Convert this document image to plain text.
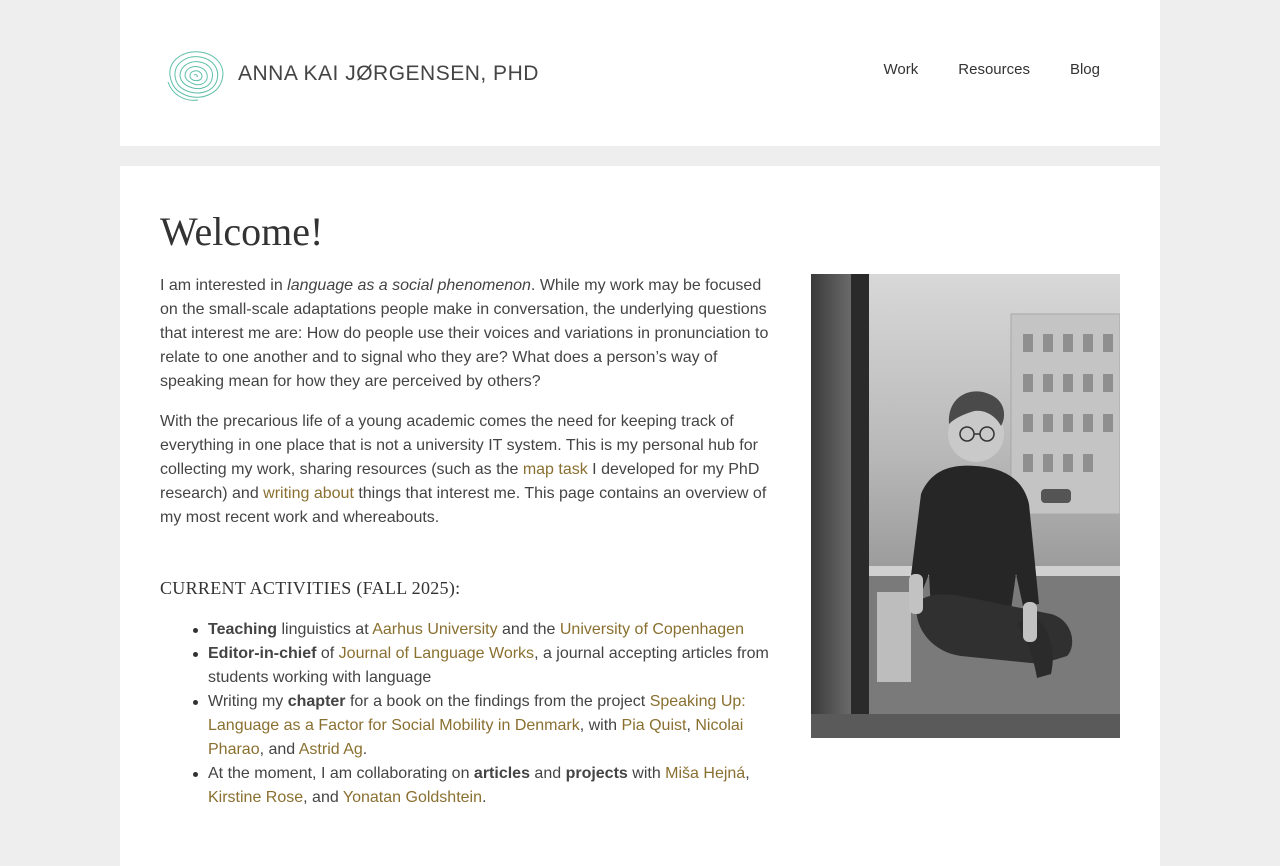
ANNA KAI JØRGENSEN, PHD	Work	Resources	Blog
Welcome!

I am interested in language as a social phenomenon. While my work may be focused on the small-scale adaptations people make in conversation, the underlying questions that interest me are: How do people use their voices and variations in pronunciation to relate to one another and to signal who they are? What does a person’s way of speaking mean for how they are perceived by others?

With the precarious life of a young academic comes the need for keeping track of everything in one place that is not a university IT system. This is my personal hub for collecting my work, sharing resources (such as the map task I developed for my PhD research) and writing about things that interest me. This page contains an overview of my most recent work and whereabouts.

CURRENT ACTIVITIES (FALL 2025):
Teaching linguistics at Aarhus University and the University of Copenhagen
Editor-in-chief of Journal of Language Works, a journal accepting articles from students working with language
Writing my chapter for a book on the findings from the project Speaking Up: Language as a Factor for Social Mobility in Denmark, with Pia Quist, Nicolai Pharao, and Astrid Ag.
At the moment, I am collaborating on articles and projects with Miša Hejná, Kirstine Rose, and Yonatan Goldshtein.
